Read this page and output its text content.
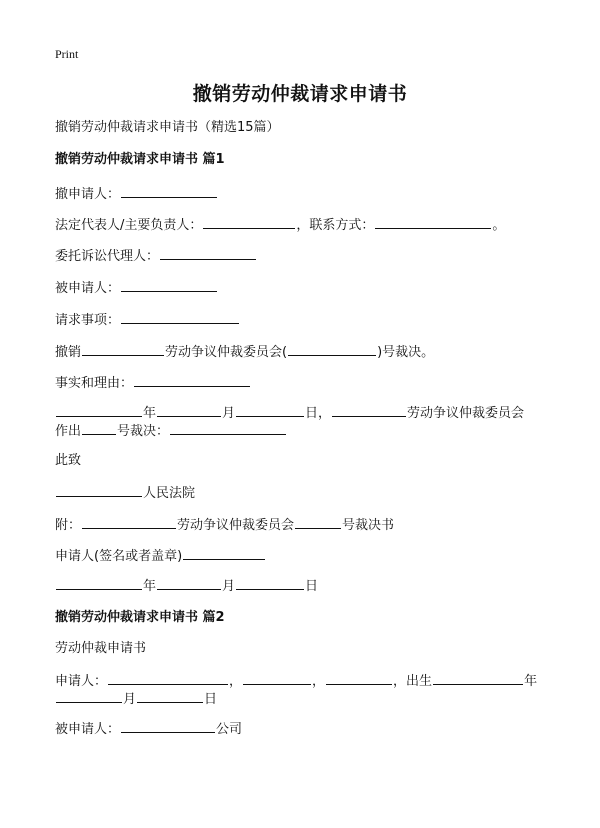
Print
撤销劳动仲裁请求申请书
撤销劳动仲裁请求申请书（精选15篇）
撤销劳动仲裁请求申请书 篇1
撤申请人：
法定代表人/主要负责人：	，联系方式：	。
委托诉讼代理人：
被申请人：
请求事项：
撤销	劳动争议仲裁委员会(	)号裁决。
事实和理由：
年	月	日，	劳动争议仲裁委员会
作出	号裁决：
此致
人民法院
附：	劳动争议仲裁委员会	号裁决书
申请人(签名或者盖章)
年	月	日
撤销劳动仲裁请求申请书 篇2
劳动仲裁申请书
申请人：	，	，	，出生	年
月	日
被申请人：	公司
